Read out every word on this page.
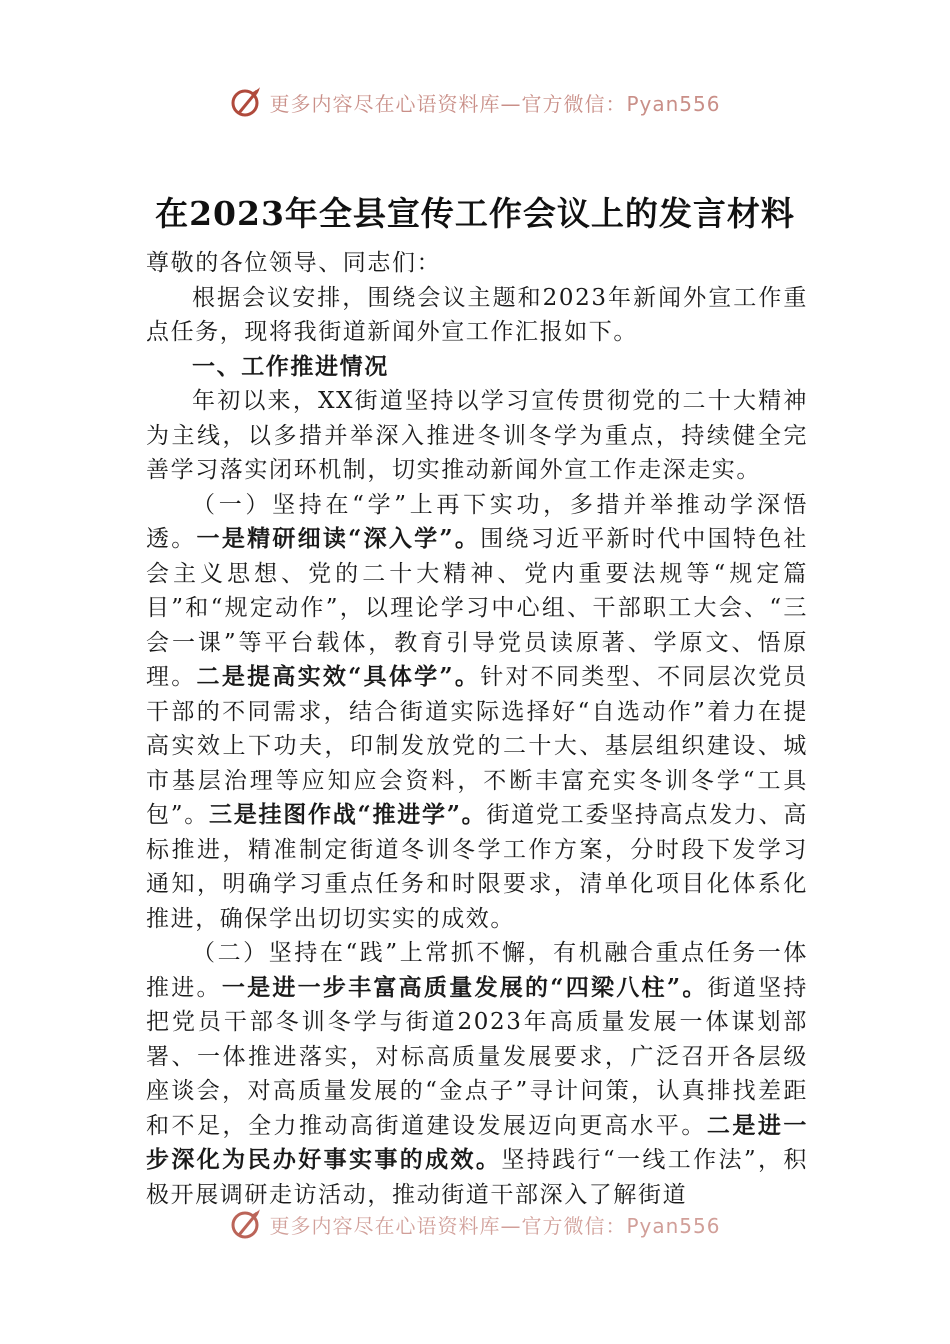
更多内容尽在心语资料库—官方微信：Pyan556
在2023年全县宣传工作会议上的发言材料

尊敬的各位领导、同志们：

根据会议安排，围绕会议主题和2023年新闻外宣工作重点任务，现将我街道新闻外宣工作汇报如下。

一、工作推进情况

年初以来，XX街道坚持以学习宣传贯彻党的二十大精神为主线，以多措并举深入推进冬训冬学为重点，持续健全完善学习落实闭环机制，切实推动新闻外宣工作走深走实。

（一）坚持在“学”上再下实功，多措并举推动学深悟透。一是精研细读“深入学”。围绕习近平新时代中国特色社会主义思想、党的二十大精神、党内重要法规等“规定篇目”和“规定动作”，以理论学习中心组、干部职工大会、“三会一课”等平台载体，教育引导党员读原著、学原文、悟原理。二是提高实效“具体学”。针对不同类型、不同层次党员干部的不同需求，结合街道实际选择好“自选动作”着力在提高实效上下功夫，印制发放党的二十大、基层组织建设、城市基层治理等应知应会资料，不断丰富充实冬训冬学“工具包”。三是挂图作战“推进学”。街道党工委坚持高点发力、高标推进，精准制定街道冬训冬学工作方案，分时段下发学习通知，明确学习重点任务和时限要求，清单化项目化体系化推进，确保学出切切实实的成效。

（二）坚持在“践”上常抓不懈，有机融合重点任务一体推进。一是进一步丰富高质量发展的“四梁八柱”。街道坚持把党员干部冬训冬学与街道2023年高质量发展一体谋划部署、一体推进落实，对标高质量发展要求，广泛召开各层级座谈会，对高质量发展的“金点子”寻计问策，认真排找差距和不足，全力推动高街道建设发展迈向更高水平。二是进一步深化为民办好事实事的成效。坚持践行“一线工作法”，积极开展调研走访活动，推动街道干部深入了解街道

更多内容尽在心语资料库—官方微信：Pyan556
